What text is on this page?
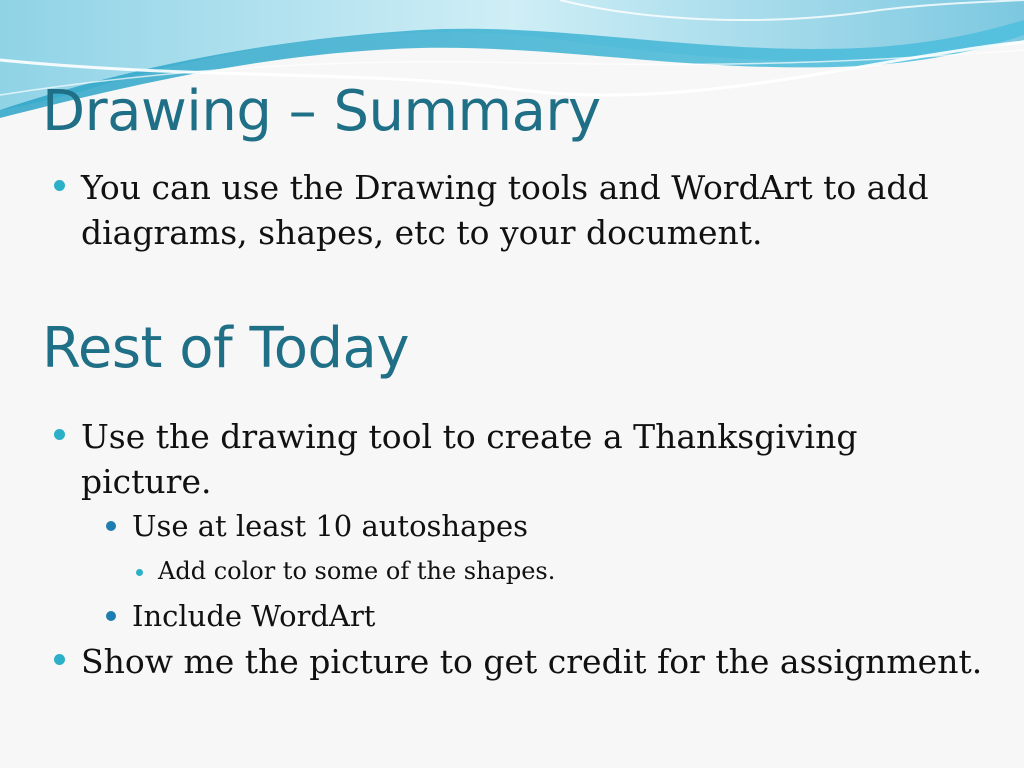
Drawing – Summary
You can use the Drawing tools and WordArt to add
diagrams, shapes, etc to your document.
Rest of Today
Use the drawing tool to create a Thanksgiving picture.
Use at least 10 autoshapes
Add color to some of the shapes.
Include WordArt
Show me the picture to get credit for the assignment.
